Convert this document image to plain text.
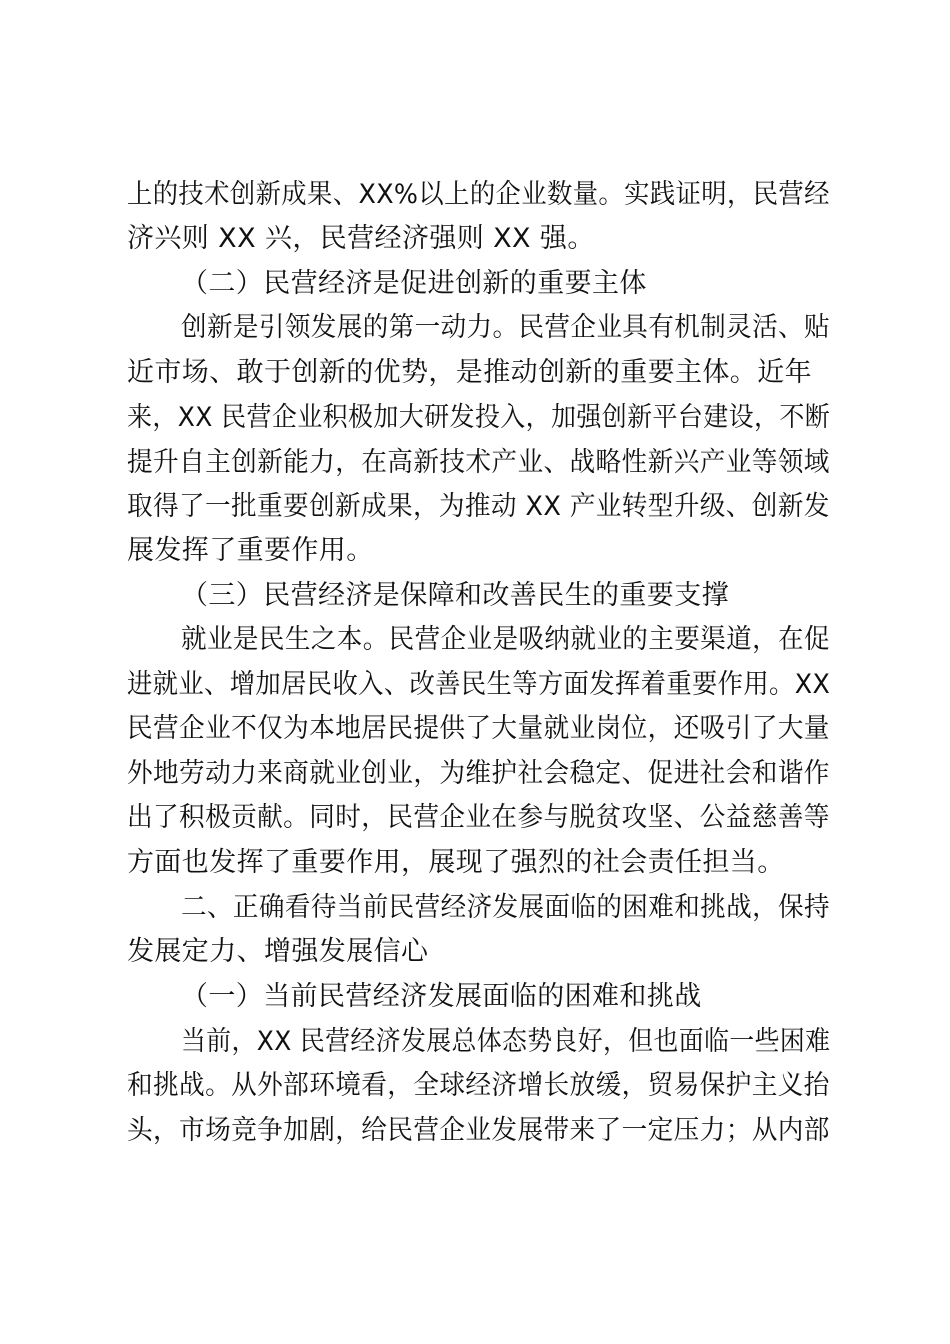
上的技术创新成果、XX%以上的企业数量。实践证明，民营经
济兴则 XX 兴，民营经济强则 XX 强。
（二）民营经济是促进创新的重要主体
创新是引领发展的第一动力。民营企业具有机制灵活、贴
近市场、敢于创新的优势，是推动创新的重要主体。近年
来，XX 民营企业积极加大研发投入，加强创新平台建设，不断
提升自主创新能力，在高新技术产业、战略性新兴产业等领域
取得了一批重要创新成果，为推动 XX 产业转型升级、创新发
展发挥了重要作用。
（三）民营经济是保障和改善民生的重要支撑
就业是民生之本。民营企业是吸纳就业的主要渠道，在促
进就业、增加居民收入、改善民生等方面发挥着重要作用。XX
民营企业不仅为本地居民提供了大量就业岗位，还吸引了大量
外地劳动力来商就业创业，为维护社会稳定、促进社会和谐作
出了积极贡献。同时，民营企业在参与脱贫攻坚、公益慈善等
方面也发挥了重要作用，展现了强烈的社会责任担当。
二、正确看待当前民营经济发展面临的困难和挑战，保持
发展定力、增强发展信心
（一）当前民营经济发展面临的困难和挑战
当前，XX 民营经济发展总体态势良好，但也面临一些困难
和挑战。从外部环境看，全球经济增长放缓，贸易保护主义抬
头，市场竞争加剧，给民营企业发展带来了一定压力；从内部
